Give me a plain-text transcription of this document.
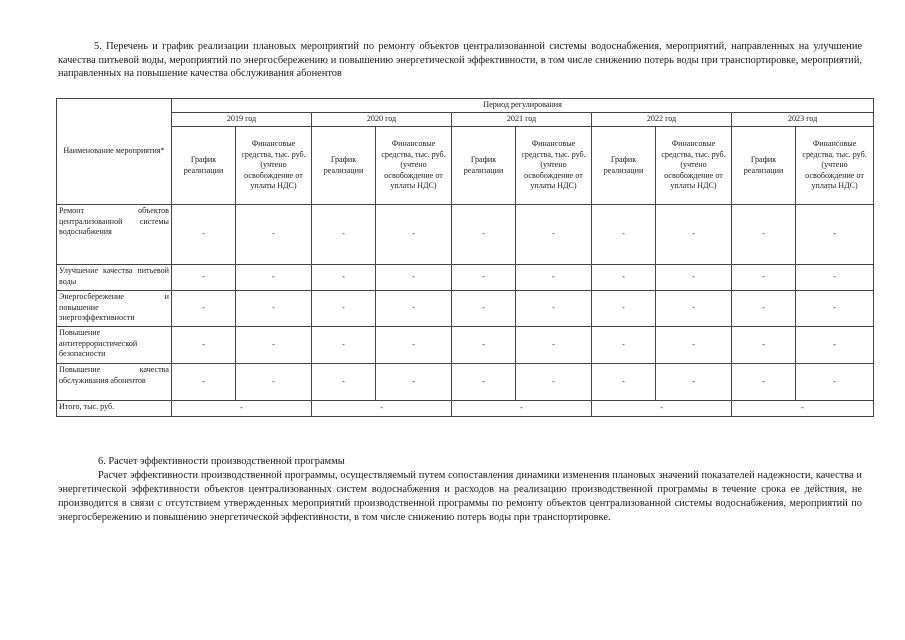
5. Перечень и график реализации плановых мероприятий по ремонту объектов централизованной системы водоснабжения, мероприятий, направленных на улучшение качества питьевой воды, мероприятий по энергосбережению и повышению энергетической эффективности, в том числе снижению потерь воды при транспортировке, мероприятий, направленных на повышение качества обслуживания абонентов

Наименование мероприятия*	Период регулирования									
	2019 год		2020 год		2021 год		2022 год		2023 год	
	График реализации	Финансовые средства, тыс. руб. (учтено освобождение от уплаты НДС)	График реализации	Финансовые средства, тыс. руб. (учтено освобождение от уплаты НДС)	График реализации	Финансовые средства, тыс. руб. (учтено освобождение от уплаты НДС)	График реализации	Финансовые средства, тыс. руб. (учтено освобождение от уплаты НДС)	График реализации	Финансовые средства, тыс. руб. (учтено освобождение от уплаты НДС)
Ремонт объектов централизованной системы водоснабжения	-	-	-	-	-	-	-	-	-	-
Улучшение качества питьевой воды	-	-	-	-	-	-	-	-	-	-
Энергосбережение и повышение энергоэффективности	-	-	-	-	-	-	-	-	-	-
Повышение антитеррористической безопасности	-	-	-	-	-	-	-	-	-	-
Повышение качества обслуживания абонентов	-	-	-	-	-	-	-	-	-	-
Итого, тыс. руб.	-		-		-		-		-	

6. Расчет эффективности производственной программы

Расчет эффективности производственной программы, осуществляемый путем сопоставления динамики изменения плановых значений показателей надежности, качества и энергетической эффективности объектов централизованных систем водоснабжения и расходов на реализацию производственной программы в течение срока ее действия, не производится в связи с отсутствием утвержденных мероприятий производственной программы по ремонту объектов централизованной системы водоснабжения, мероприятий по энергосбережению и повышению энергетической эффективности, в том числе снижению потерь воды при транспортировке.
